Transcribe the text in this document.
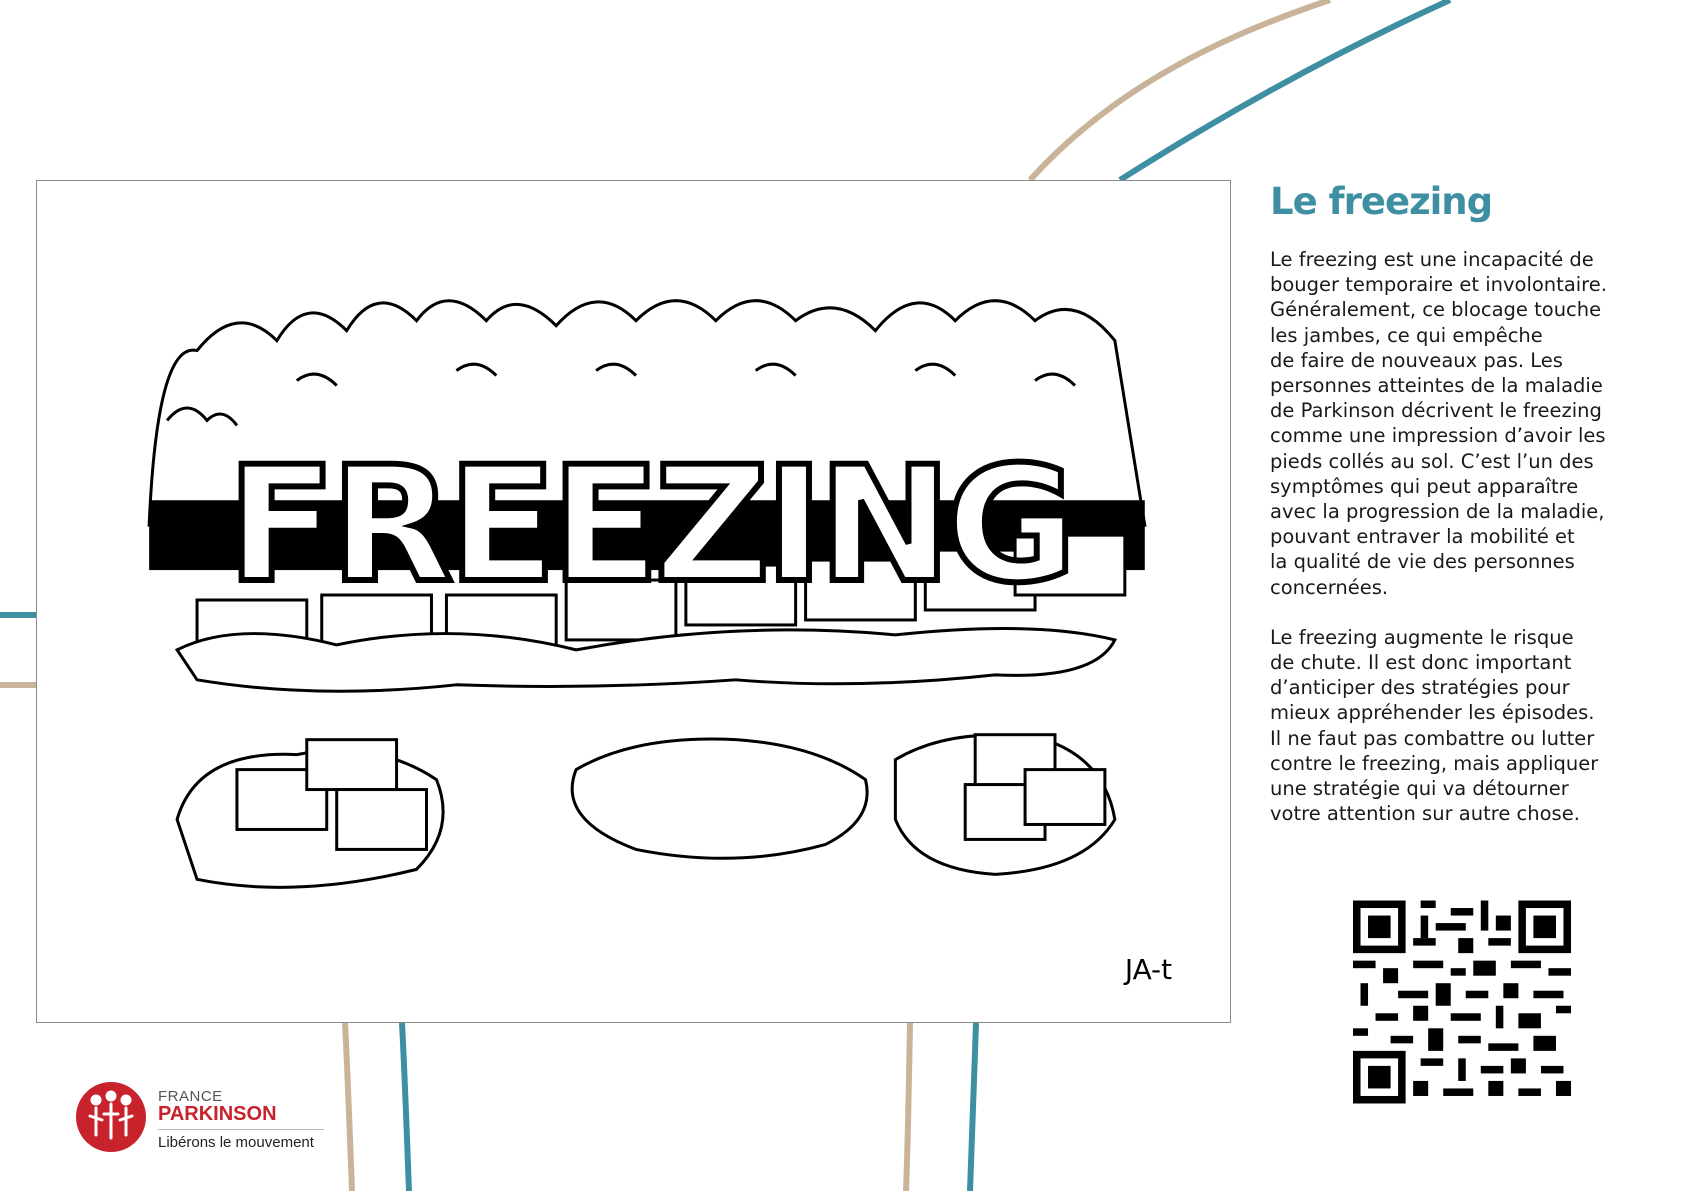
FREEZING
JA-t
Le freezing

Le freezing est une incapacité de
bouger temporaire et involontaire.
Généralement, ce blocage touche
les jambes, ce qui empêche
de faire de nouveaux pas. Les
personnes atteintes de la maladie
de Parkinson décrivent le freezing
comme une impression d’avoir les
pieds collés au sol. C’est l’un des
symptômes qui peut apparaître
avec la progression de la maladie,
pouvant entraver la mobilité et
la qualité de vie des personnes
concernées.

Le freezing augmente le risque
de chute. Il est donc important
d’anticiper des stratégies pour
mieux appréhender les épisodes.
Il ne faut pas combattre ou lutter
contre le freezing, mais appliquer
une stratégie qui va détourner
votre attention sur autre chose.

FRANCE
PARKINSON
Libérons le mouvement
